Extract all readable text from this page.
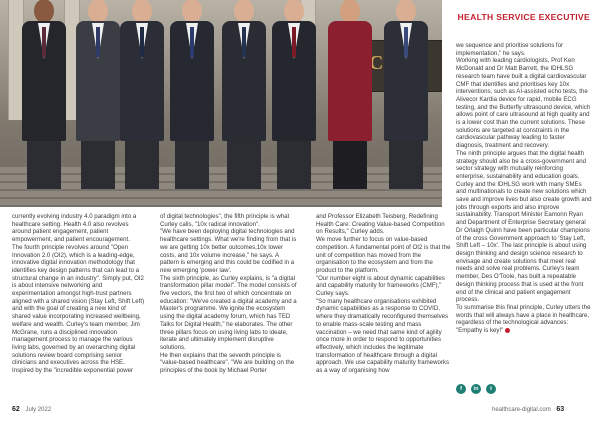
HEALTH SERVICE EXECUTIVE
currently evolving industry 4.0 paradigm into a healthcare setting. Health 4.0 also revolves around patient engagement, patient empowerment, and patient encouragement.
The fourth principle revolves around "Open Innovation 2.0 (OI2), which is a leading-edge, innovative digital innovation methodology that identifies key design patterns that can lead to a structural change in an industry". Simply put, OI2 is about intensive networking and experimentation amongst high-trust partners aligned with a shared vision (Stay Left, Shift Left) and with the goal of creating a new kind of shared value incorporating increased wellbeing, welfare and wealth. Curley's team member, Jim McGrane, runs a disciplined innovation management process to manage the various living labs, governed by an overarching digital solutions review board comprising senior clinicians and executives across the HSE.
Inspired by the "incredible exponential power
of digital technologies", the fifth principle is what Curley calls, "10x radical innovation".
"We have been deploying digital technologies and healthcare settings. What we're finding from that is we are getting 10x better outcomes,10x lower costs, and 10x volume increase," he says. A pattern is emerging and this could be codified in a new emerging 'power law'.
The sixth principle, as Curley explains, is "a digital transformation pillar model". The model consists of five vectors, the first two of which concentrate on education: "We've created a digital academy and a Master's programme. We ignite the ecosystem using the digital academy forum, which has TED Talks for Digital Health," he elaborates. The other three pillars focus on using living labs to ideate, iterate and ultimately implement disruptive solutions.
He then explains that the seventh principle is "value-based healthcare". "We are building on the principles of the book by Michael Porter
and Professor Elizabeth Teisberg, Redefining Health Care: Creating Value-based Competition on Results," Curley adds.
We move further to focus on value-based competition. A fundamental point of OI2 is that the unit of competition has moved from the organisation to the ecosystem and from the product to the platform.
"Our number eight is about dynamic capabilities and capability maturity for frameworks (CMF)," Curley says.
"So many healthcare organisations exhibited dynamic capabilities as a response to COVID, where they dramatically reconfigured themselves to enable mass-scale testing and mass vaccination – we need that same kind of agility once more in order to respond to opportunities effectively, which includes the legitimate transformation of healthcare through a digital approach. We use capability maturity frameworks as a way of organising how
we sequence and prioritise solutions for implementation," he says.
Working with leading cardiologists, Prof Ken McDonald and Dr Matt Barrett, the IDHLSG research team have built a digital cardiovascular CMF that identifies and prioritises key 10x interventions, such as AI-assisted echo tests, the Alivecor Kardia device for rapid, mobile ECG testing, and the Butterfly ultrasound device, which allows point of care ultrasound at high quality and is a lower cost than the current solutions. These solutions are targeted at constraints in the cardiovascular pathway leading to faster diagnosis, treatment and recovery.
The ninth principle argues that the digital health strategy should also be a cross-government and sector strategy with mutually reinforcing enterprise, sustainability and education goals. Curley and the IDHLSG work with many SMEs and multinationals to create new solutions which save and improve lives but also create growth and jobs through exports and also improve sustainability. Transport Minister Eamonn Ryan and Department of Enterprise Secretary general Dr Orlaigh Quinn have been particular champions of the cross Government approach to 'Stay Left, Shift Left – 10x'. The last principle is about using design thinking and design science research to envisage and create solutions that meet real needs and solve real problems. Curley's team member, Des O'Toole, has built a repeatable design thinking process that is used at the front end of the clinical and patient engagement process.
To summarise this final principle, Curley utters the words that will always have a place in healthcare, regardless of the technological advances: "Empathy is key!"
f	in	t
62 July 2022	healthcare-digital.com 63
